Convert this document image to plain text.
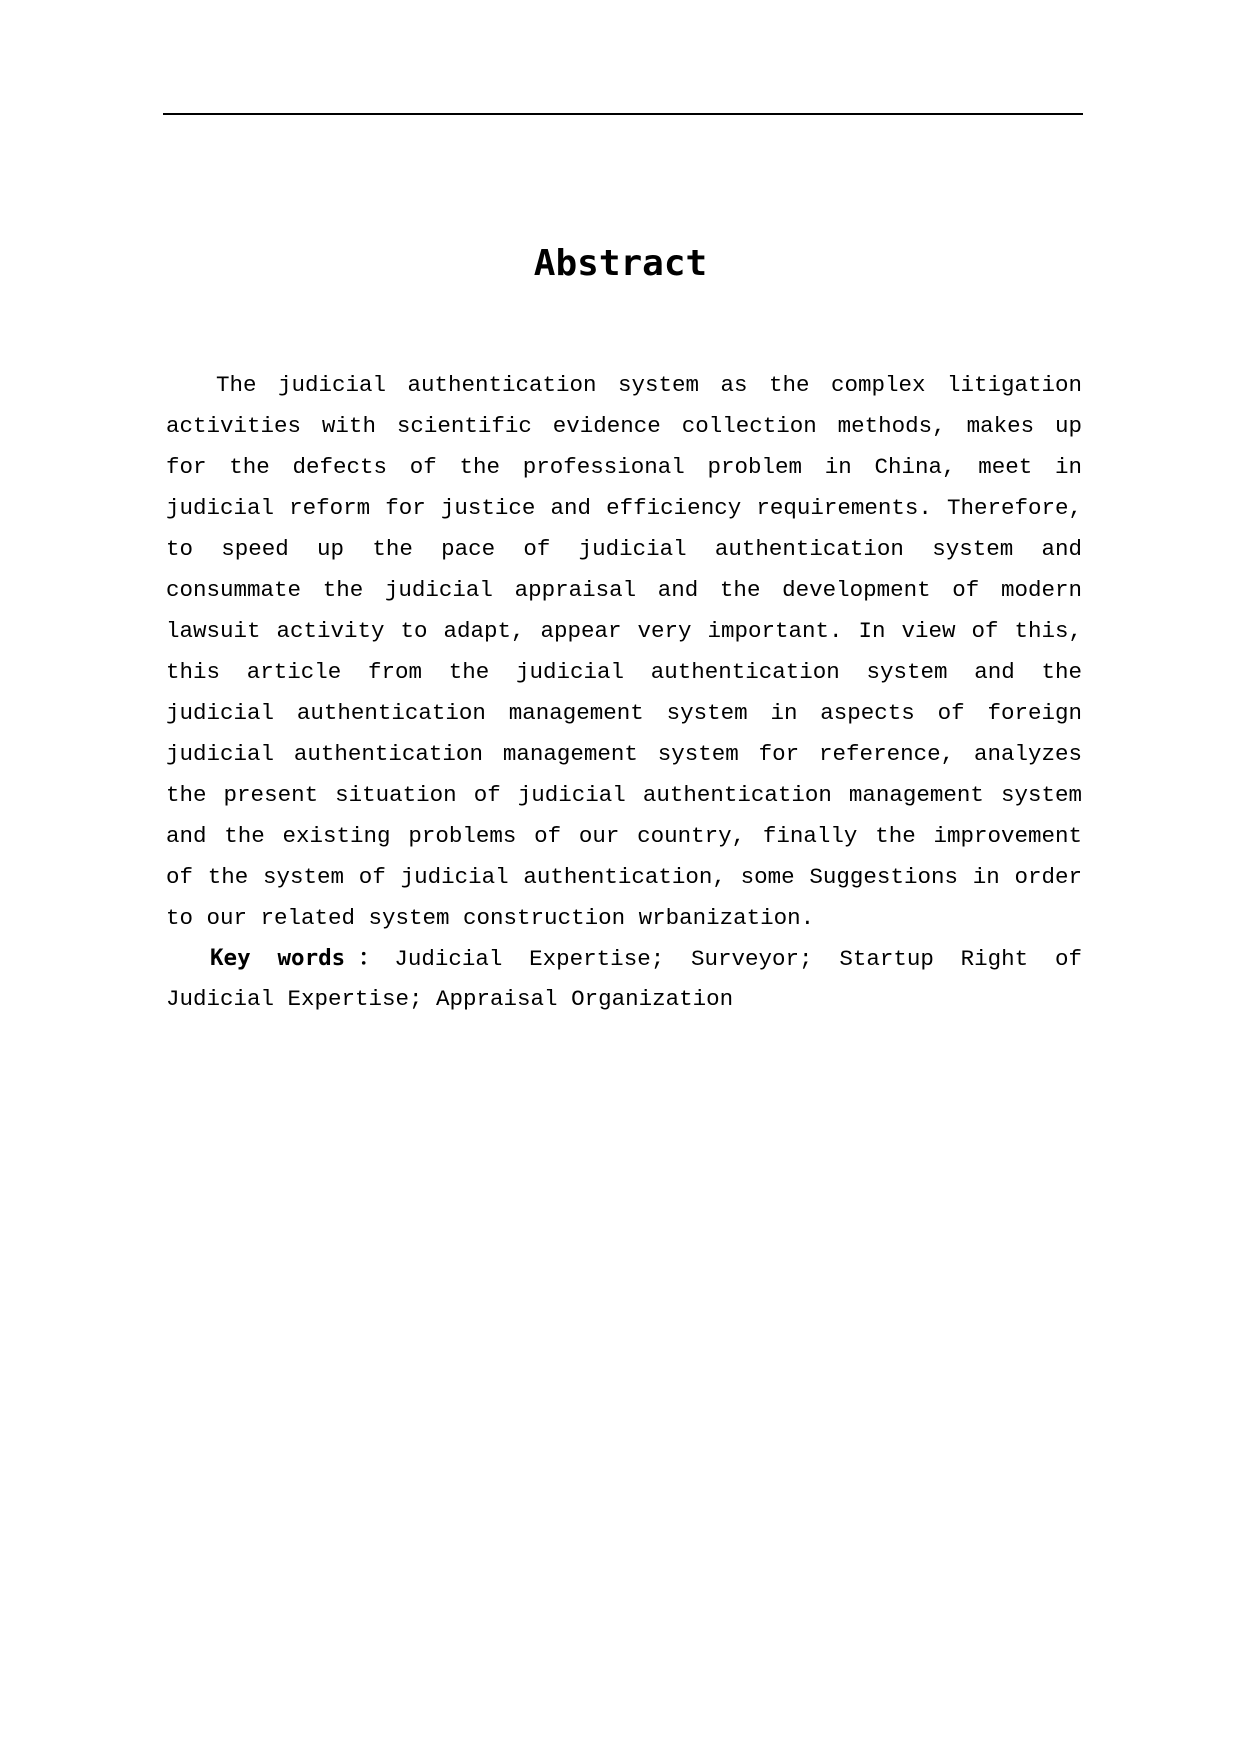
Abstract

The judicial authentication system as the complex litigation activities with scientific evidence collection methods, makes up for the defects of the professional problem in China, meet in judicial reform for justice and efficiency requirements. Therefore, to speed up the pace of judicial authentication system and consummate the judicial appraisal and the development of modern lawsuit activity to adapt, appear very important. In view of this, this article from the judicial authentication system and the judicial authentication management system in aspects of foreign judicial authentication management system for reference, analyzes the present situation of judicial authentication management system and the existing problems of our country, finally the improvement of the system of judicial authentication, some Suggestions in order to our related system construction wrbanization.

Key words：Judicial Expertise; Surveyor; Startup Right of Judicial Expertise; Appraisal Organization
